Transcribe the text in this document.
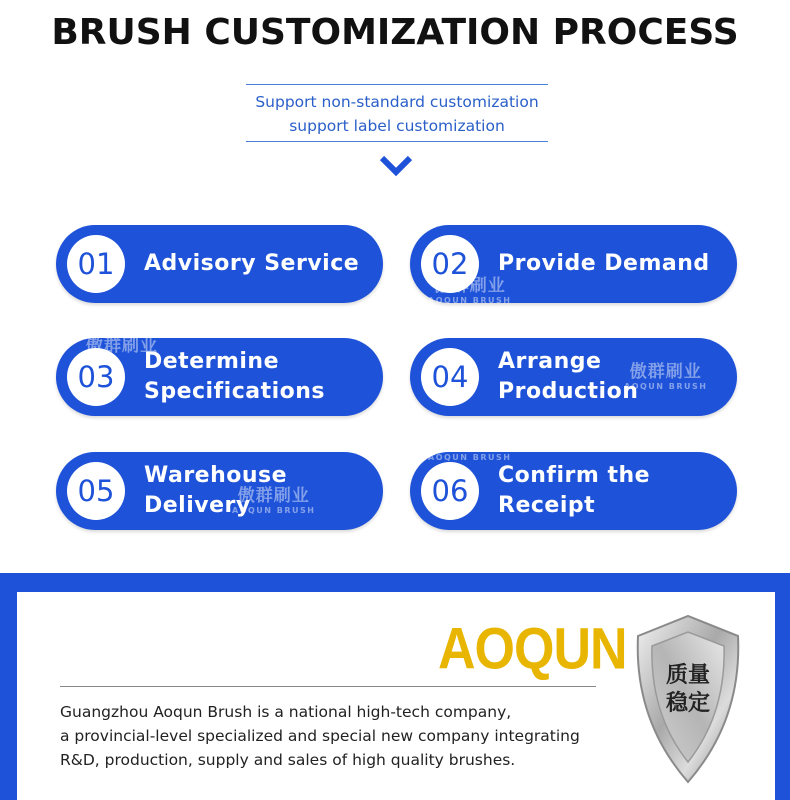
BRUSH CUSTOMIZATION PROCESS
Support non-standard customization
support label customization
01	Advisory Service	02	Provide Demand
03	Determine
Specifications	04	Arrange
Production
05	Warehouse
Delivery	06	Confirm the
Receipt
傲群刷业
AOQUN BRUSH
傲群刷业
傲群刷业
AOQUN BRUSH
傲群刷业
AOQUN BRUSH
AOQUN BRUSH
AOQUN
Guangzhou Aoqun Brush is a national high-tech company,
a provincial-level specialized and special new company integrating
R&D, production, supply and sales of high quality brushes.
质量
稳定
